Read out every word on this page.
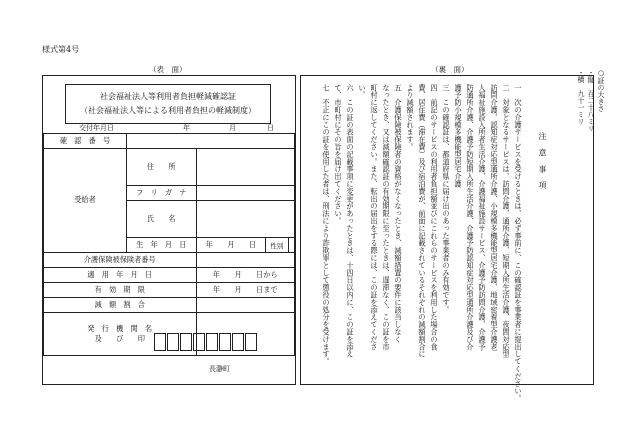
様式第4号
（表　面）	（裏　面）
社会福祉法人等利用者負担軽減確認証
（社会福祉法人等による利用者負担の軽減制度）
交付年月日	年	月	日
確　認　番　号				
受給者	住　　所			
	フ　リ　ガ　ナ			
	氏　　名			
	生　年　月　日	年　　 月　　 日	性別	
介護保険被保険者番号				
適　用　年　月　日		年　　 月　　 日から		
有　効　期　限		年　　 月　　 日まで		
減　額　割　合				
発　行　機　関　名
及　　び　　印				
長瀞町
注　意　事　項
一　次の介護サービスを受けるときは、必ず事前に、この確認証を事業者に提出してください。
二　対象となるサービスは、訪問介護、通所介護、短期入所生活介護、夜間対応型
訪問介護、認知症対応型通所介護、小規模多機能型居宅介護、地域密着型介護老
人福祉施設入所者生活介護、介護福祉施設サービス、介護予防訪問介護、介護予
防通所介護、介護予防短期入所生活介護、介護予防認知症対応型通所介護及び介
護予防小規模多機能型居宅介護
三　この確認証は、都道府県に届け出のあった事業者のみ有効です。
四　前記のサービスの利用者負担額並びにこれらのサービスを利用した場合の食
費、居住費（滞在費）及び宿泊費が、前面に記載されているそれぞれの減額割合に
より減額されます。
五　介護保険被保険者の資格がなくなったとき、減額措置の要件に該当しなく
なったとき、又は減額確認証の有効期限に至ったときは、遅滞なく、この証を市
町村に返してください。また、転出の届出をする際には、この証を添えてくださ
い。
六　この証の表面の記載事項に変更があったときは、十四日以内に、この証を添え
て、市町村にその旨を届け出てください。
七　不正にこの証を使用した者は、刑法により詐欺罪として懲役の処分を受けます。	○証の大きさ
・縦　百二十八ミリ
・横　九十一ミリ
